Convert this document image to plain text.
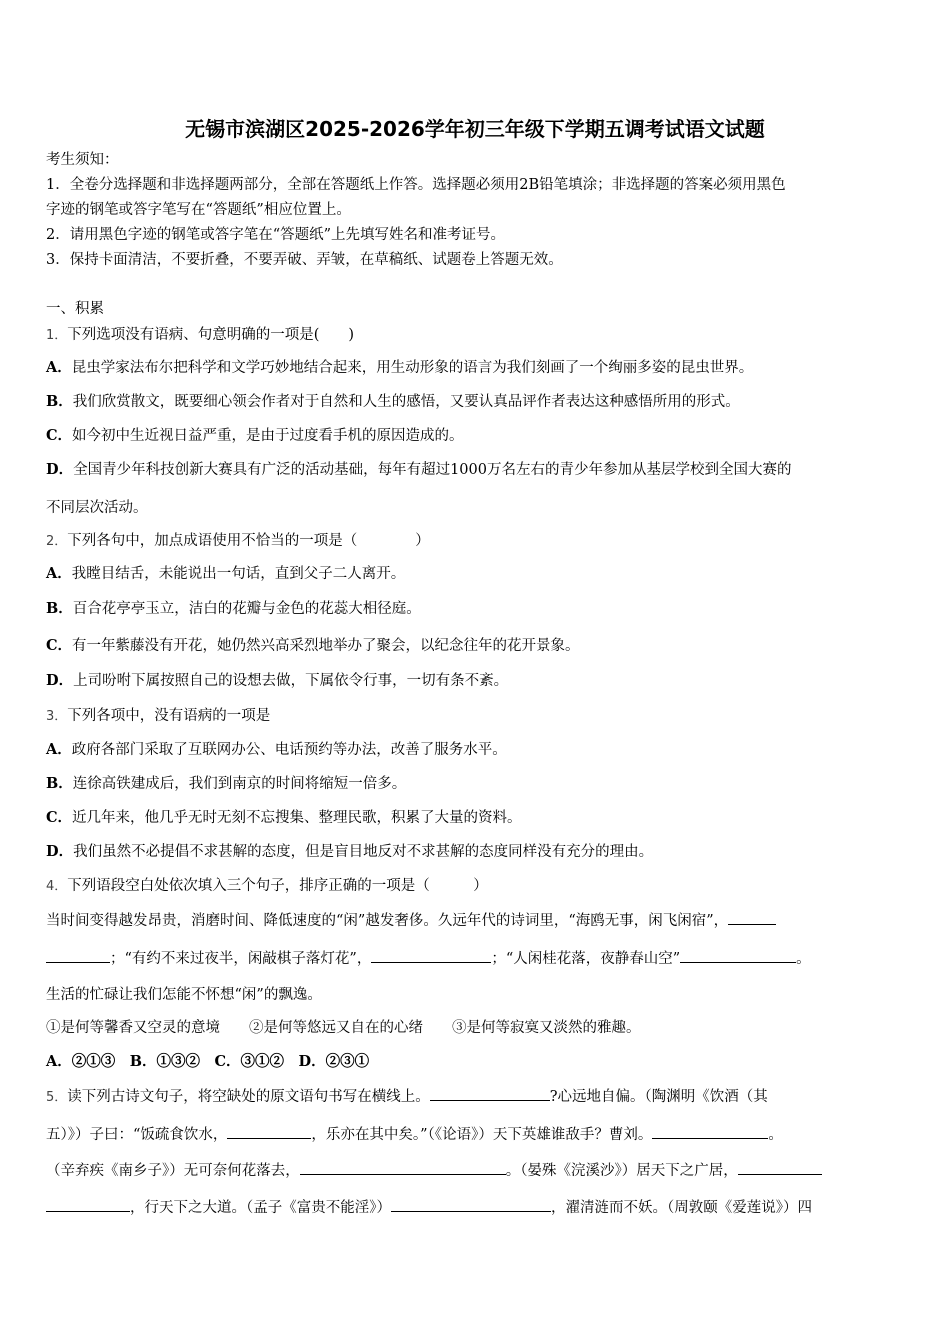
无锡市滨湖区2025-2026学年初三年级下学期五调考试语文试题
考生须知：
1．全卷分选择题和非选择题两部分，全部在答题纸上作答。选择题必须用2B铅笔填涂；非选择题的答案必须用黑色
字迹的钢笔或答字笔写在“答题纸”相应位置上。
2．请用黑色字迹的钢笔或答字笔在“答题纸”上先填写姓名和准考证号。
3．保持卡面清洁，不要折叠，不要弄破、弄皱，在草稿纸、试题卷上答题无效。
一、积累
1．下列选项没有语病、句意明确的一项是(　　)
A．昆虫学家法布尔把科学和文学巧妙地结合起来，用生动形象的语言为我们刻画了一个绚丽多姿的昆虫世界。
B．我们欣赏散文，既要细心领会作者对于自然和人生的感悟，又要认真品评作者表达这种感悟所用的形式。
C．如今初中生近视日益严重，是由于过度看手机的原因造成的。
D．全国青少年科技创新大赛具有广泛的活动基础，每年有超过1000万名左右的青少年参加从基层学校到全国大赛的
不同层次活动。
2．下列各句中，加点成语使用不恰当的一项是（　　　　）
A．我瞠目结舌，未能说出一句话，直到父子二人离开。
B．百合花亭亭玉立，洁白的花瓣与金色的花蕊大相径庭。
C．有一年紫藤没有开花，她仍然兴高采烈地举办了聚会，以纪念往年的花开景象。
D．上司吩咐下属按照自己的设想去做，下属依令行事，一切有条不紊。
3．下列各项中，没有语病的一项是
A．政府各部门采取了互联网办公、电话预约等办法，改善了服务水平。
B．连徐高铁建成后，我们到南京的时间将缩短一倍多。
C．近几年来，他几乎无时无刻不忘搜集、整理民歌，积累了大量的资料。
D．我们虽然不必提倡不求甚解的态度，但是盲目地反对不求甚解的态度同样没有充分的理由。
4．下列语段空白处依次填入三个句子，排序正确的一项是（　　　）
当时间变得越发昂贵，消磨时间、降低速度的“闲”越发奢侈。久远年代的诗词里，“海鸥无事，闲飞闲宿”，
；“有约不来过夜半，闲敲棋子落灯花”，	；“人闲桂花落，夜静春山空”	。
生活的忙碌让我们怎能不怀想“闲”的飘逸。
①是何等馨香又空灵的意境　　②是何等悠远又自在的心绪　　③是何等寂寞又淡然的雅趣。
A．②①③　B．①③②　C．③①②　D．②③①
5．读下列古诗文句子，将空缺处的原文语句书写在横线上。	?心远地自偏。（陶渊明《饮酒（其
五）》）子曰：“饭疏食饮水，	，乐亦在其中矣。”（《论语》）天下英雄谁敌手？曹刘。	。
（辛弃疾《南乡子》）无可奈何花落去，	。（晏殊《浣溪沙》）居天下之广居，
，行天下之大道。（孟子《富贵不能淫》）	，濯清涟而不妖。（周敦颐《爱莲说》）四
